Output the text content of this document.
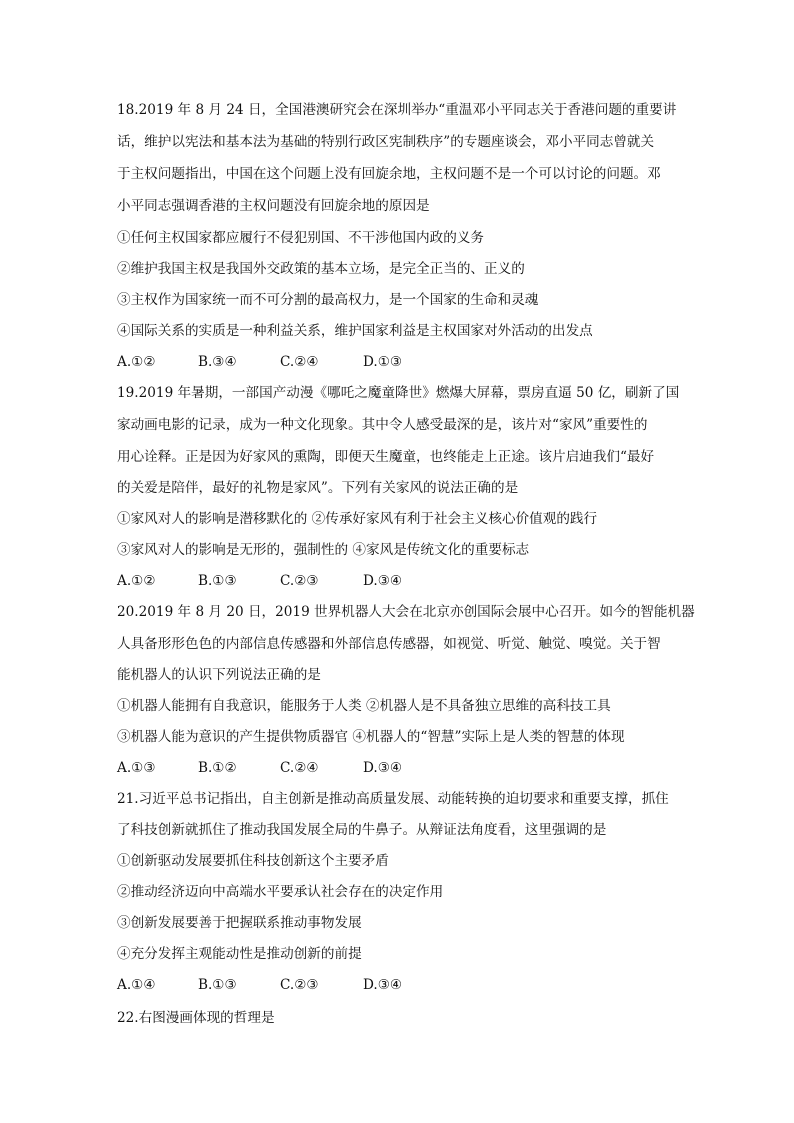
18.2019 年 8 月 24 日，全国港澳研究会在深圳举办“重温邓小平同志关于香港问题的重要讲
话，维护以宪法和基本法为基础的特别行政区宪制秩序”的专题座谈会，邓小平同志曾就关
于主权问题指出，中国在这个问题上没有回旋余地，主权问题不是一个可以讨论的问题。邓
小平同志强调香港的主权问题没有回旋余地的原因是
①任何主权国家都应履行不侵犯别国、不干涉他国内政的义务
②维护我国主权是我国外交政策的基本立场，是完全正当的、正义的
③主权作为国家统一而不可分割的最高权力，是一个国家的生命和灵魂
④国际关系的实质是一种利益关系，维护国家利益是主权国家对外活动的出发点
A.①②	B.③④	C.②④	D.①③
19.2019 年暑期，一部国产动漫《哪吒之魔童降世》燃爆大屏幕，票房直逼 50 亿，刷新了国
家动画电影的记录，成为一种文化现象。其中令人感受最深的是，该片对“家风”重要性的
用心诠释。正是因为好家风的熏陶，即便天生魔童，也终能走上正途。该片启迪我们“最好
的关爱是陪伴，最好的礼物是家风”。下列有关家风的说法正确的是
①家风对人的影响是潜移默化的 ②传承好家风有利于社会主义核心价值观的践行
③家风对人的影响是无形的，强制性的 ④家风是传统文化的重要标志
A.①②	B.①③	C.②③	D.③④
20.2019 年 8 月 20 日，2019 世界机器人大会在北京亦创国际会展中心召开。如今的智能机器
人具备形形色色的内部信息传感器和外部信息传感器，如视觉、听觉、触觉、嗅觉。关于智
能机器人的认识下列说法正确的是
①机器人能拥有自我意识，能服务于人类 ②机器人是不具备独立思维的高科技工具
③机器人能为意识的产生提供物质器官 ④机器人的“智慧”实际上是人类的智慧的体现
A.①③	B.①②	C.②④	D.③④
21.习近平总书记指出，自主创新是推动高质量发展、动能转换的迫切要求和重要支撑，抓住
了科技创新就抓住了推动我国发展全局的牛鼻子。从辩证法角度看，这里强调的是
①创新驱动发展要抓住科技创新这个主要矛盾
②推动经济迈向中高端水平要承认社会存在的决定作用
③创新发展要善于把握联系推动事物发展
④充分发挥主观能动性是推动创新的前提
A.①④	B.①③	C.②③	D.③④
22.右图漫画体现的哲理是
